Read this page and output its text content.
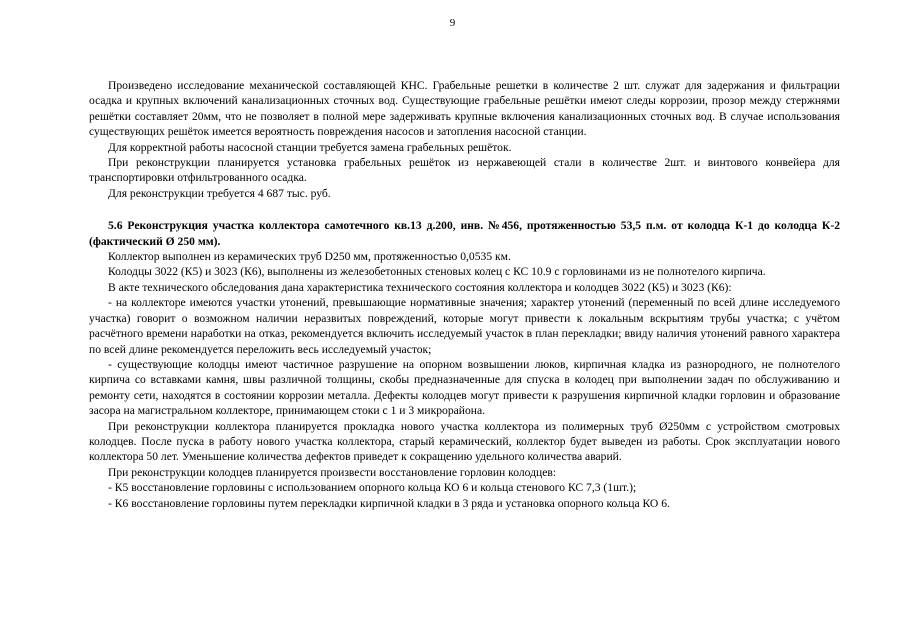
9

Произведено исследование механической составляющей КНС. Грабельные решетки в количестве 2 шт. служат для задержания и фильтрации осадка и крупных включений канализационных сточных вод. Существующие грабельные решётки имеют следы коррозии, прозор между стержнями решётки составляет 20мм, что не позволяет в полной мере задерживать крупные включения канализационных сточных вод. В случае использования существующих решёток имеется вероятность повреждения насосов и затопления насосной станции.

Для корректной работы насосной станции требуется замена грабельных решёток.

При реконструкции планируется установка грабельных решёток из нержавеющей стали в количестве 2шт. и винтового конвейера для транспортировки отфильтрованного осадка.

Для реконструкции требуется 4 687 тыс. руб.

5.6 Реконструкция участка коллектора самотечного кв.13 д.200, инв. №456, протяженностью 53,5 п.м. от колодца К-1 до колодца К-2 (фактический Ø 250 мм).

Коллектор выполнен из керамических труб D250 мм, протяженностью 0,0535 км.

Колодцы 3022 (К5) и 3023 (К6), выполнены из железобетонных стеновых колец с КС 10.9 с горловинами из не полнотелого кирпича.

В акте технического обследования дана характеристика технического состояния коллектора и колодцев 3022 (К5) и 3023 (К6):

- на коллекторе имеются участки утонений, превышающие нормативные значения; характер утонений (переменный по всей длине исследуемого участка) говорит о возможном наличии неразвитых повреждений, которые могут привести к локальным вскрытиям трубы участка; с учётом расчётного времени наработки на отказ, рекомендуется включить исследуемый участок в план перекладки; ввиду наличия утонений равного характера по всей длине рекомендуется переложить весь исследуемый участок;

- существующие колодцы имеют частичное разрушение на опорном возвышении люков, кирпичная кладка из разнородного, не полнотелого кирпича со вставками камня, швы различной толщины, скобы предназначенные для спуска в колодец при выполнении задач по обслуживанию и ремонту сети, находятся в состоянии коррозии металла. Дефекты колодцев могут привести к разрушения кирпичной кладки горловин и образование засора на магистральном коллекторе, принимающем стоки с 1 и 3 микрорайона.

При реконструкции коллектора планируется прокладка нового участка коллектора из полимерных труб Ø250мм с устройством смотровых колодцев. После пуска в работу нового участка коллектора, старый керамический, коллектор будет выведен из работы. Срок эксплуатации нового коллектора 50 лет. Уменьшение количества дефектов приведет к сокращению удельного количества аварий.

При реконструкции колодцев планируется произвести восстановление горловин колодцев:

- К5 восстановление горловины с использованием опорного кольца КО 6 и кольца стенового КС 7,3 (1шт.);

- К6 восстановление горловины путем перекладки кирпичной кладки в 3 ряда и установка опорного кольца КО 6.
